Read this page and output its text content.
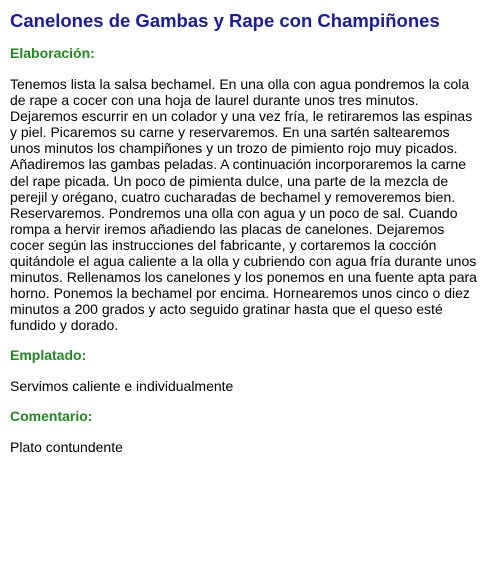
Canelones de Gambas y Rape con Champiñones
Elaboración:

Tenemos lista la salsa bechamel. En una olla con agua pondremos la cola de rape a cocer con una hoja de laurel durante unos tres minutos. Dejaremos escurrir en un colador y una vez fría, le retiraremos las espinas y piel. Picaremos su carne y reservaremos. En una sartén saltearemos unos minutos los champiñones y un trozo de pimiento rojo muy picados. Añadiremos las gambas peladas. A continuación incorporaremos la carne del rape picada. Un poco de pimienta dulce, una parte de la mezcla de perejil y orégano, cuatro cucharadas de bechamel y removeremos bien. Reservaremos. Pondremos una olla con agua y un poco de sal. Cuando rompa a hervir iremos añadiendo las placas de canelones. Dejaremos cocer según las instrucciones del fabricante, y cortaremos la cocción quitándole el agua caliente a la olla y cubriendo con agua fría durante unos minutos. Rellenamos los canelones y los ponemos en una fuente apta para horno. Ponemos la bechamel por encima. Hornearemos unos cinco o diez minutos a 200 grados y acto seguido gratinar hasta que el queso esté fundido y dorado.

Emplatado:

Servimos caliente e individualmente

Comentario:

Plato contundente
